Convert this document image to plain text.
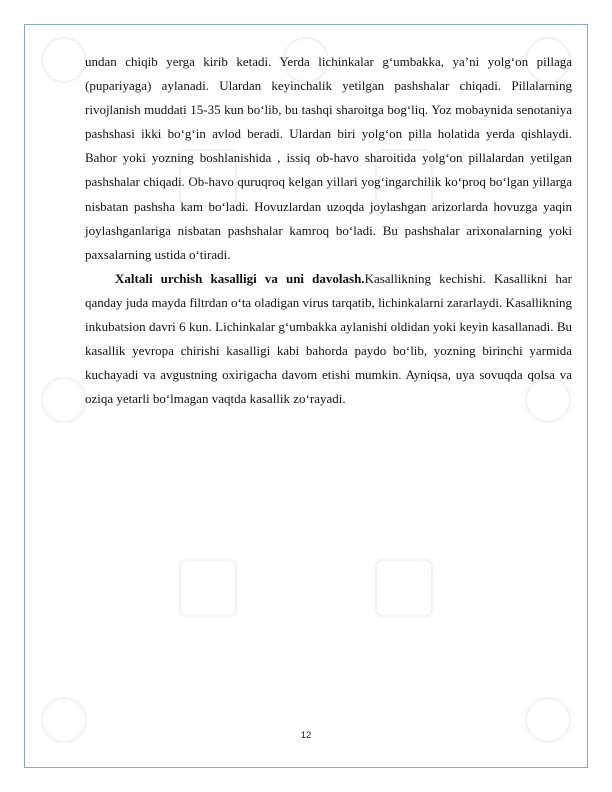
undan chiqib yerga kirib ketadi. Yerda lichinkalar gʻumbakka, ya’ni yolgʻon pillaga (pupariyaga) aylanadi. Ulardan keyinchalik yetilgan pashshalar chiqadi. Pillalarning rivojlanish muddati 15-35 kun boʻlib, bu tashqi sharoitga bogʻliq. Yoz mobaynida senotaniya pashshasi ikki boʻgʻin avlod beradi. Ulardan biri yolgʻon pilla holatida yerda qishlaydi. Bahor yoki yozning boshlanishida , issiq ob-havo sharoitida yolgʻon pillalardan yetilgan pashshalar chiqadi. Ob-havo quruqroq kelgan yillari yogʻingarchilik koʻproq boʻlgan yillarga nisbatan pashsha kam boʻladi. Hovuzlardan uzoqda joylashgan arizorlarda hovuzga yaqin joylashganlariga nisbatan pashshalar kamroq boʻladi. Bu pashshalar arixonalarning yoki paxsalarning ustida oʻtiradi.

Xaltali urchish kasalligi va uni davolash.Kasallikning kechishi. Kasallikni har qanday juda mayda filtrdan oʻta oladigan virus tarqatib, lichinkalarni zararlaydi. Kasallikning inkubatsion davri 6 kun. Lichinkalar gʻumbakka aylanishi oldidan yoki keyin kasallanadi. Bu kasallik yevropa chirishi kasalligi kabi bahorda paydo boʻlib, yozning birinchi yarmida kuchayadi va avgustning oxirigacha davom etishi mumkin. Ayniqsa, uya sovuqda qolsa va oziqa yetarli boʻlmagan vaqtda kasallik zoʻrayadi.

12
